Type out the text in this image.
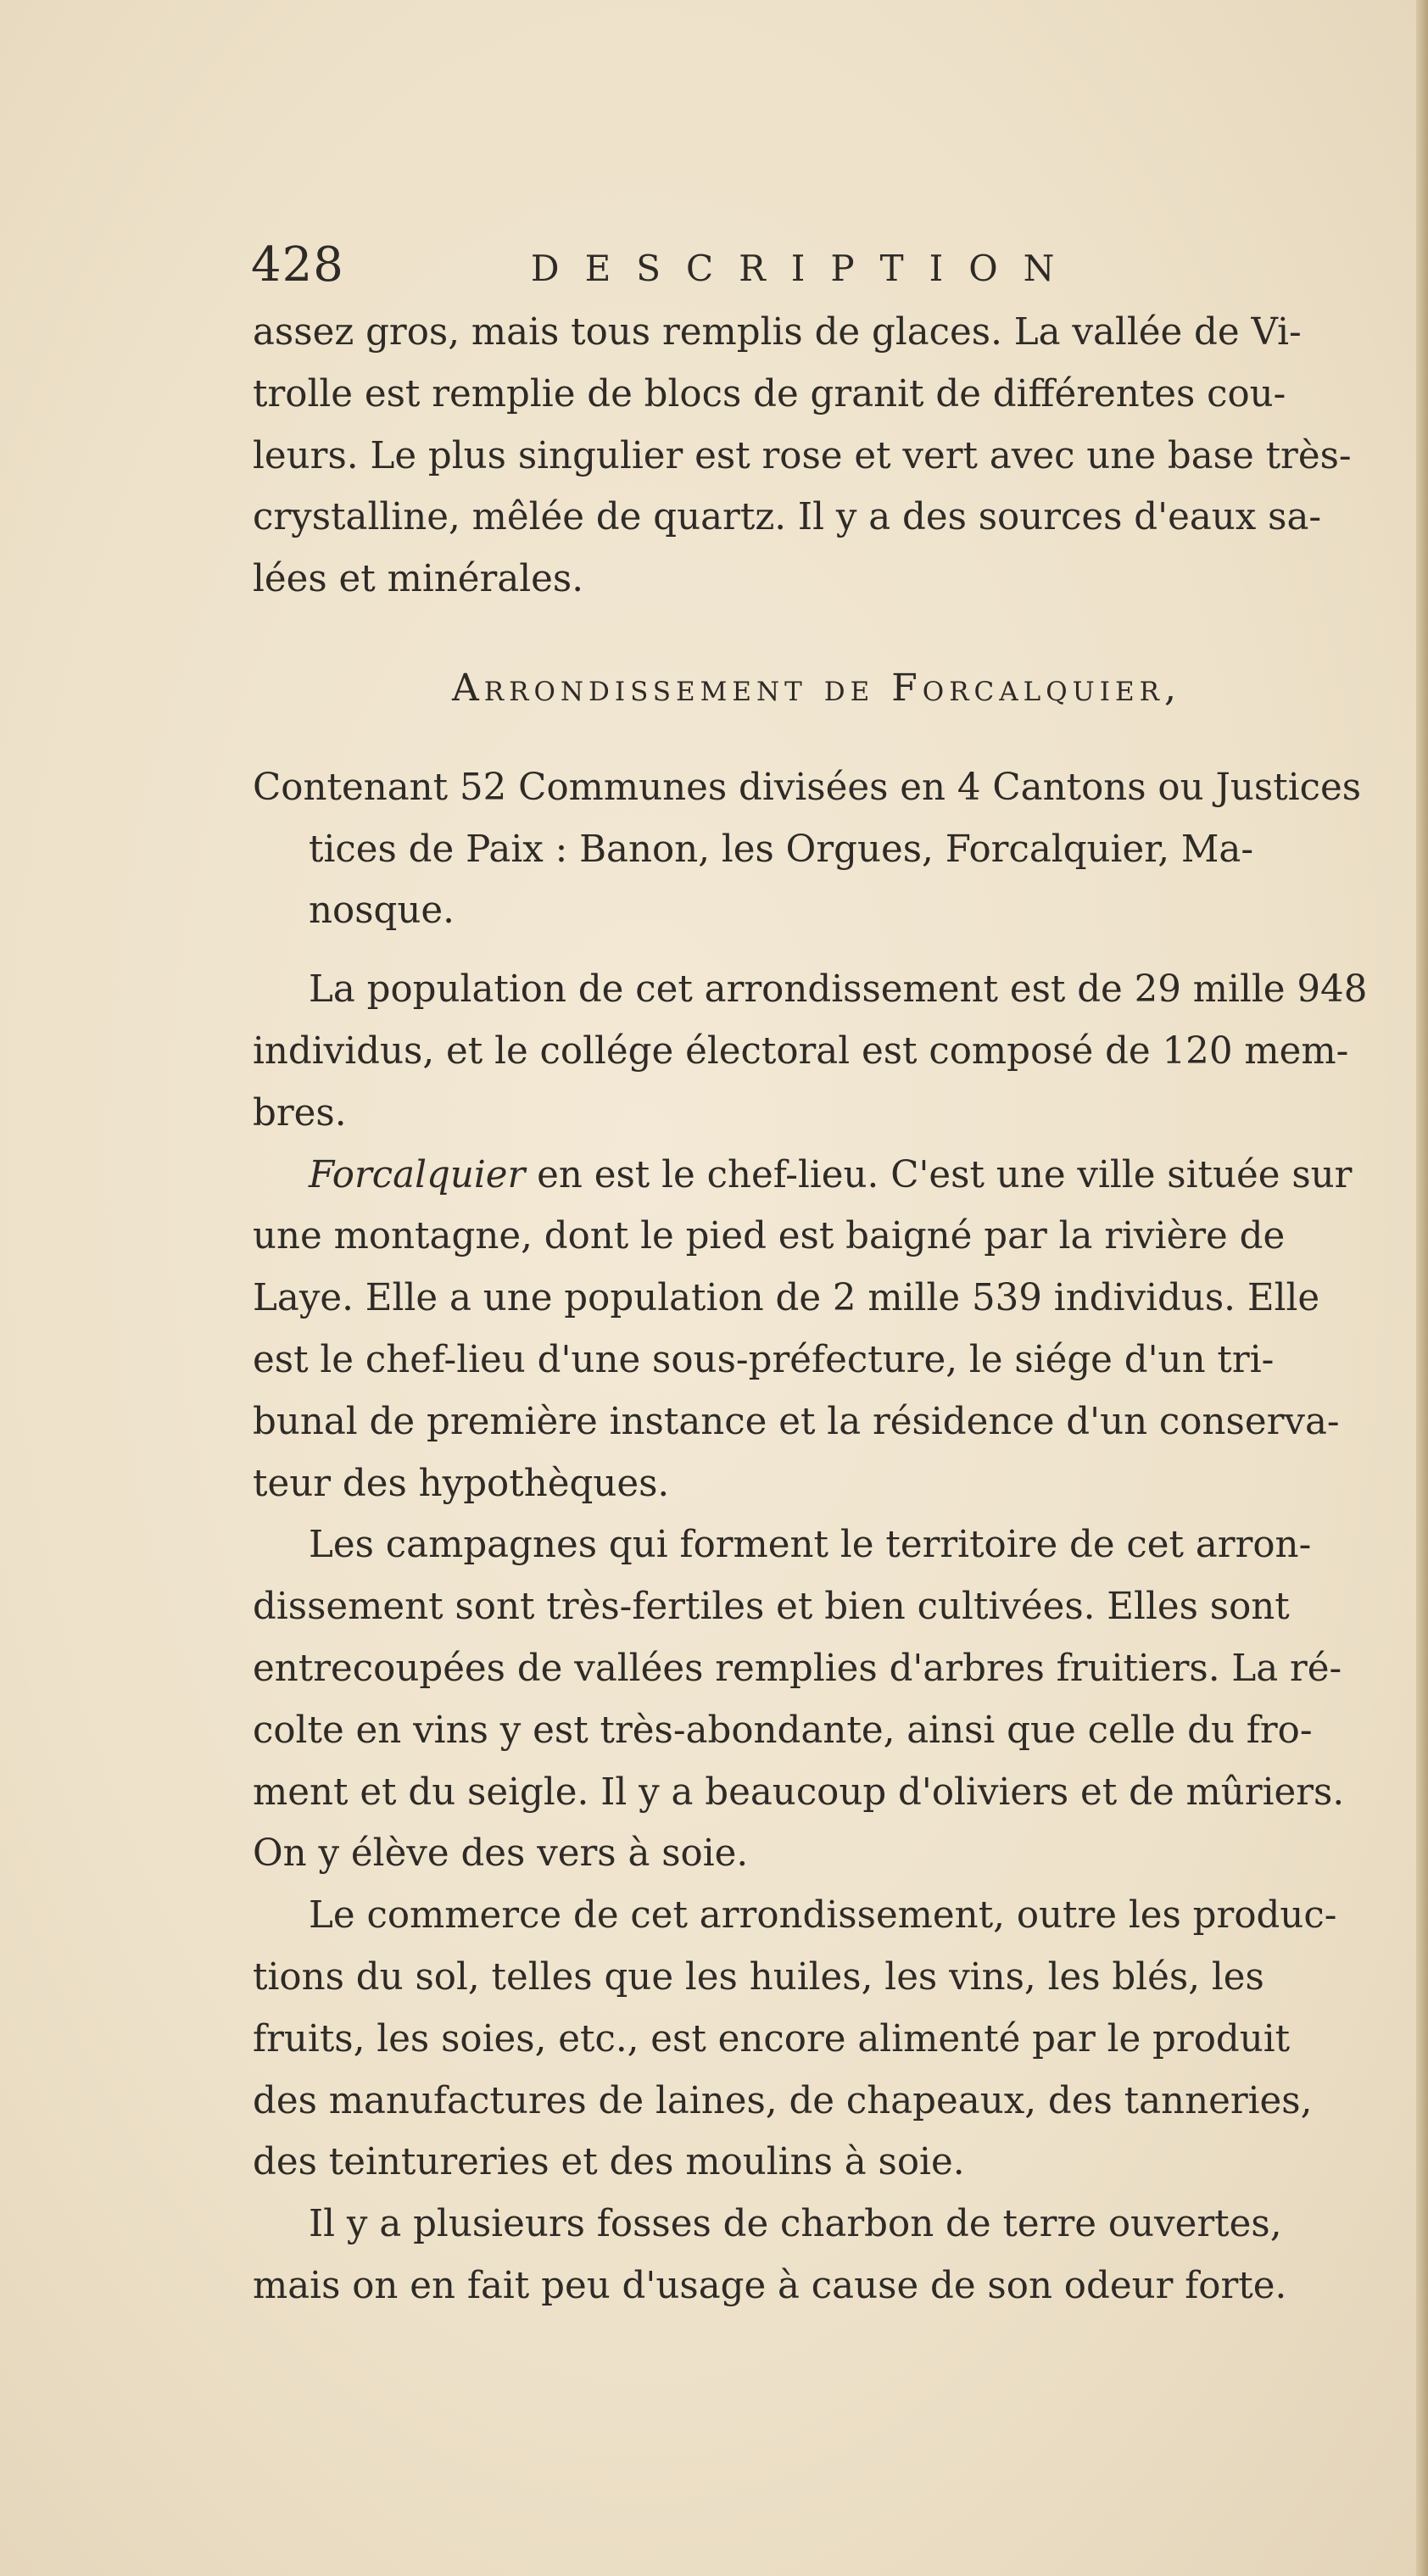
428	DESCRIPTION
assez gros, mais tous remplis de glaces. La vallée de Vi-
trolle est remplie de blocs de granit de différentes cou-
leurs. Le plus singulier est rose et vert avec une base très-
crystalline, mêlée de quartz. Il y a des sources d'eaux sa-
lées et minérales.
Arrondissement de Forcalquier,
Contenant 52 Communes divisées en 4 Cantons ou Justices
tices de Paix : Banon, les Orgues, Forcalquier, Ma-
nosque.
La population de cet arrondissement est de 29 mille 948
individus, et le collége électoral est composé de 120 mem-
bres.
Forcalquier en est le chef-lieu. C'est une ville située sur
une montagne, dont le pied est baigné par la rivière de
Laye. Elle a une population de 2 mille 539 individus. Elle
est le chef-lieu d'une sous-préfecture, le siége d'un tri-
bunal de première instance et la résidence d'un conserva-
teur des hypothèques.
Les campagnes qui forment le territoire de cet arron-
dissement sont très-fertiles et bien cultivées. Elles sont
entrecoupées de vallées remplies d'arbres fruitiers. La ré-
colte en vins y est très-abondante, ainsi que celle du fro-
ment et du seigle. Il y a beaucoup d'oliviers et de mûriers.
On y élève des vers à soie.
Le commerce de cet arrondissement, outre les produc-
tions du sol, telles que les huiles, les vins, les blés, les
fruits, les soies, etc., est encore alimenté par le produit
des manufactures de laines, de chapeaux, des tanneries,
des teintureries et des moulins à soie.
Il y a plusieurs fosses de charbon de terre ouvertes,
mais on en fait peu d'usage à cause de son odeur forte.
